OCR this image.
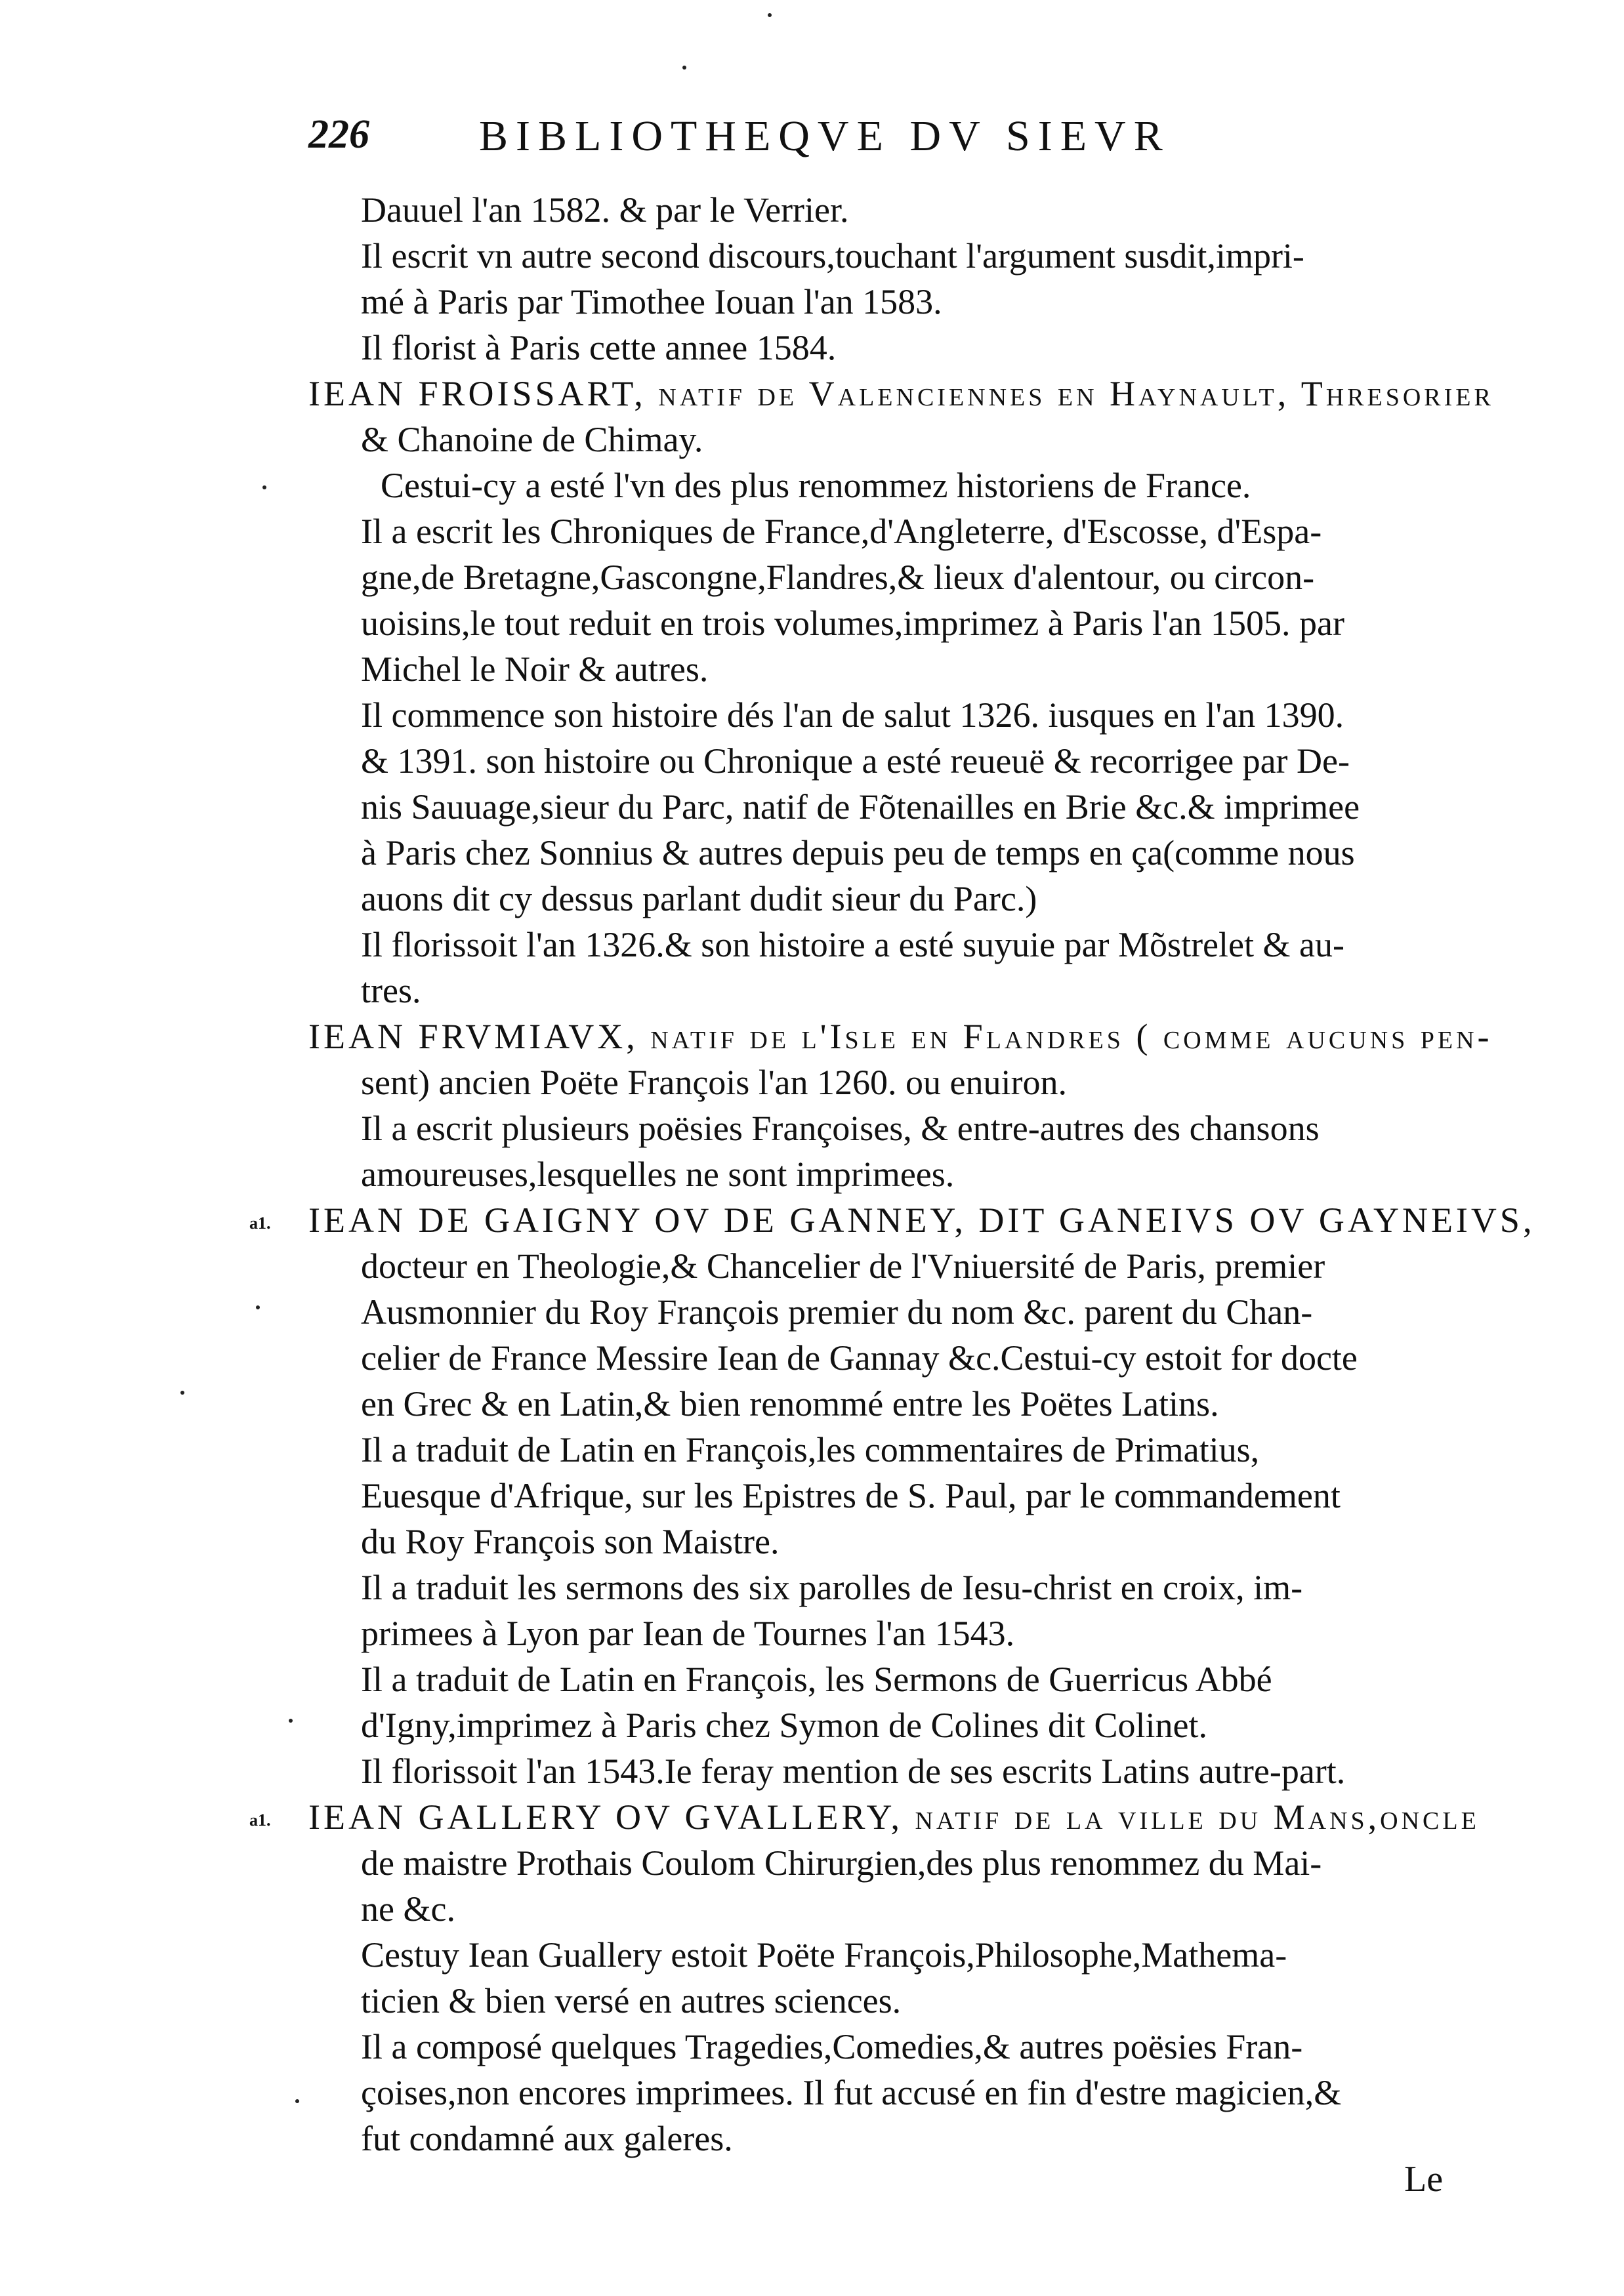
226	BIBLIOTHEQVE DV SIEVR
Dauuel l'an 1582. & par le Verrier.
Il escrit vn autre second discours,touchant l'argument susdit,impri-
mé à Paris par Timothee Iouan l'an 1583.
Il florist à Paris cette annee 1584.
IEAN FROISSART, natif de Valenciennes en Haynault, Thresorier
& Chanoine de Chimay.
Cestui-cy a esté l'vn des plus renommez historiens de France.
Il a escrit les Chroniques de France,d'Angleterre, d'Escosse, d'Espa-
gne,de Bretagne,Gascongne,Flandres,& lieux d'alentour, ou circon-
uoisins,le tout reduit en trois volumes,imprimez à Paris l'an 1505. par
Michel le Noir & autres.
Il commence son histoire dés l'an de salut 1326. iusques en l'an 1390.
& 1391. son histoire ou Chronique a esté reueuë & recorrigee par De-
nis Sauuage,sieur du Parc, natif de Fõtenailles en Brie &c.& imprimee
à Paris chez Sonnius & autres depuis peu de temps en ça(comme nous
auons dit cy dessus parlant dudit sieur du Parc.)
Il florissoit l'an 1326.& son histoire a esté suyuie par Mõstrelet & au-
tres.
IEAN FRVMIAVX, natif de l'Isle en Flandres ( comme aucuns pen-
sent) ancien Poëte François l'an 1260. ou enuiron.
Il a escrit plusieurs poësies Françoises, & entre-autres des chansons
amoureuses,lesquelles ne sont imprimees.
IEAN DE GAIGNY OV DE GANNEY, DIT GANEIVS OV GAYNEIVS,
docteur en Theologie,& Chancelier de l'Vniuersité de Paris, premier
Ausmonnier du Roy François premier du nom &c. parent du Chan-
celier de France Messire Iean de Gannay &c.Cestui-cy estoit for docte
en Grec & en Latin,& bien renommé entre les Poëtes Latins.
Il a traduit de Latin en François,les commentaires de Primatius,
Euesque d'Afrique, sur les Epistres de S. Paul, par le commandement
du Roy François son Maistre.
Il a traduit les sermons des six parolles de Iesu-christ en croix, im-
primees à Lyon par Iean de Tournes l'an 1543.
Il a traduit de Latin en François, les Sermons de Guerricus Abbé
d'Igny,imprimez à Paris chez Symon de Colines dit Colinet.
Il florissoit l'an 1543.Ie feray mention de ses escrits Latins autre-part.
IEAN GALLERY OV GVALLERY, natif de la ville du Mans,oncle
de maistre Prothais Coulom Chirurgien,des plus renommez du Mai-
ne &c.
Cestuy Iean Guallery estoit Poëte François,Philosophe,Mathema-
ticien & bien versé en autres sciences.
Il a composé quelques Tragedies,Comedies,& autres poësies Fran-
çoises,non encores imprimees. Il fut accusé en fin d'estre magicien,&
fut condamné aux galeres.
a1.
a1.
Le
